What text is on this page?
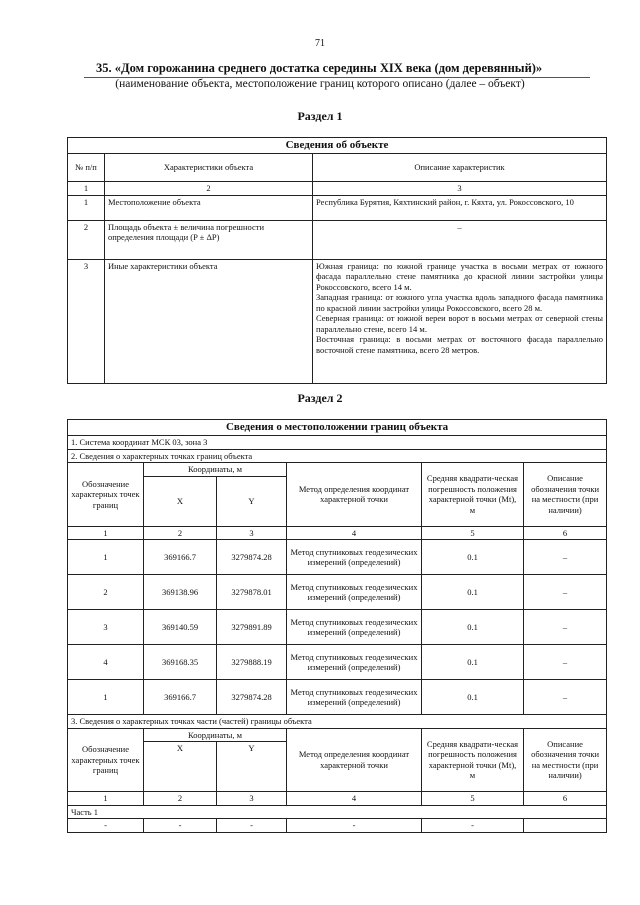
71
35. «Дом горожанина среднего достатка середины XIX века (дом деревянный)»
(наименование объекта, местоположение границ которого описано (далее – объект)
Раздел 1
Сведения об объекте		
№ п/п	Характеристики объекта	Описание характеристик
1	2	3
1	Местоположение объекта	Республика Бурятия, Кяхтинский район, г. Кяхта, ул. Рокоссовского, 10
2	Площадь объекта ± величина погрешности определения площади (P ± ΔP)	–
3	Иные характеристики объекта	Южная граница: по южной границе участка в восьми метрах от южного фасада параллельно стене памятника до красной линии застройки улицы Рокоссовского, всего 14 м.
Западная граница: от южного угла участка вдоль западного фасада памятника по красной линии застройки улицы Рокоссовского, всего 28 м.
Северная граница: от южной вереи ворот в восьми метрах от северной стены параллельно стене, всего 14 м.
Восточная граница: в восьми метрах от восточного фасада параллельно восточной стене памятника, всего 28 метров.
Раздел 2
Сведения о местоположении границ объекта					
1. Система координат МСК 03, зона 3					
2. Сведения о характерных точках границ объекта					
Обозначение характерных точек границ	Координаты, м		Метод определения координат характерной точки	Средняя квадрати-ческая погрешность положения характерной точки (Mt), м	Описание обозначения точки на местности (при наличии)
	X	Y			
1	2	3	4	5	6
1	369166.7	3279874.28	Метод спутниковых геодезических измерений (определений)	0.1	–
2	369138.96	3279878.01	Метод спутниковых геодезических измерений (определений)	0.1	–
3	369140.59	3279891.89	Метод спутниковых геодезических измерений (определений)	0.1	–
4	369168.35	3279888.19	Метод спутниковых геодезических измерений (определений)	0.1	–
1	369166.7	3279874.28	Метод спутниковых геодезических измерений (определений)	0.1	–
3. Сведения о характерных точках части (частей) границы объекта					
Обозначение характерных точек границ	Координаты, м		Метод определения координат характерной точки	Средняя квадрати-ческая погрешность положения характерной точки (Mt), м	Описание обозначения точки на местности (при наличии)
	X	Y			
1	2	3	4	5	6
Часть 1					
-	-	-	-	-	
